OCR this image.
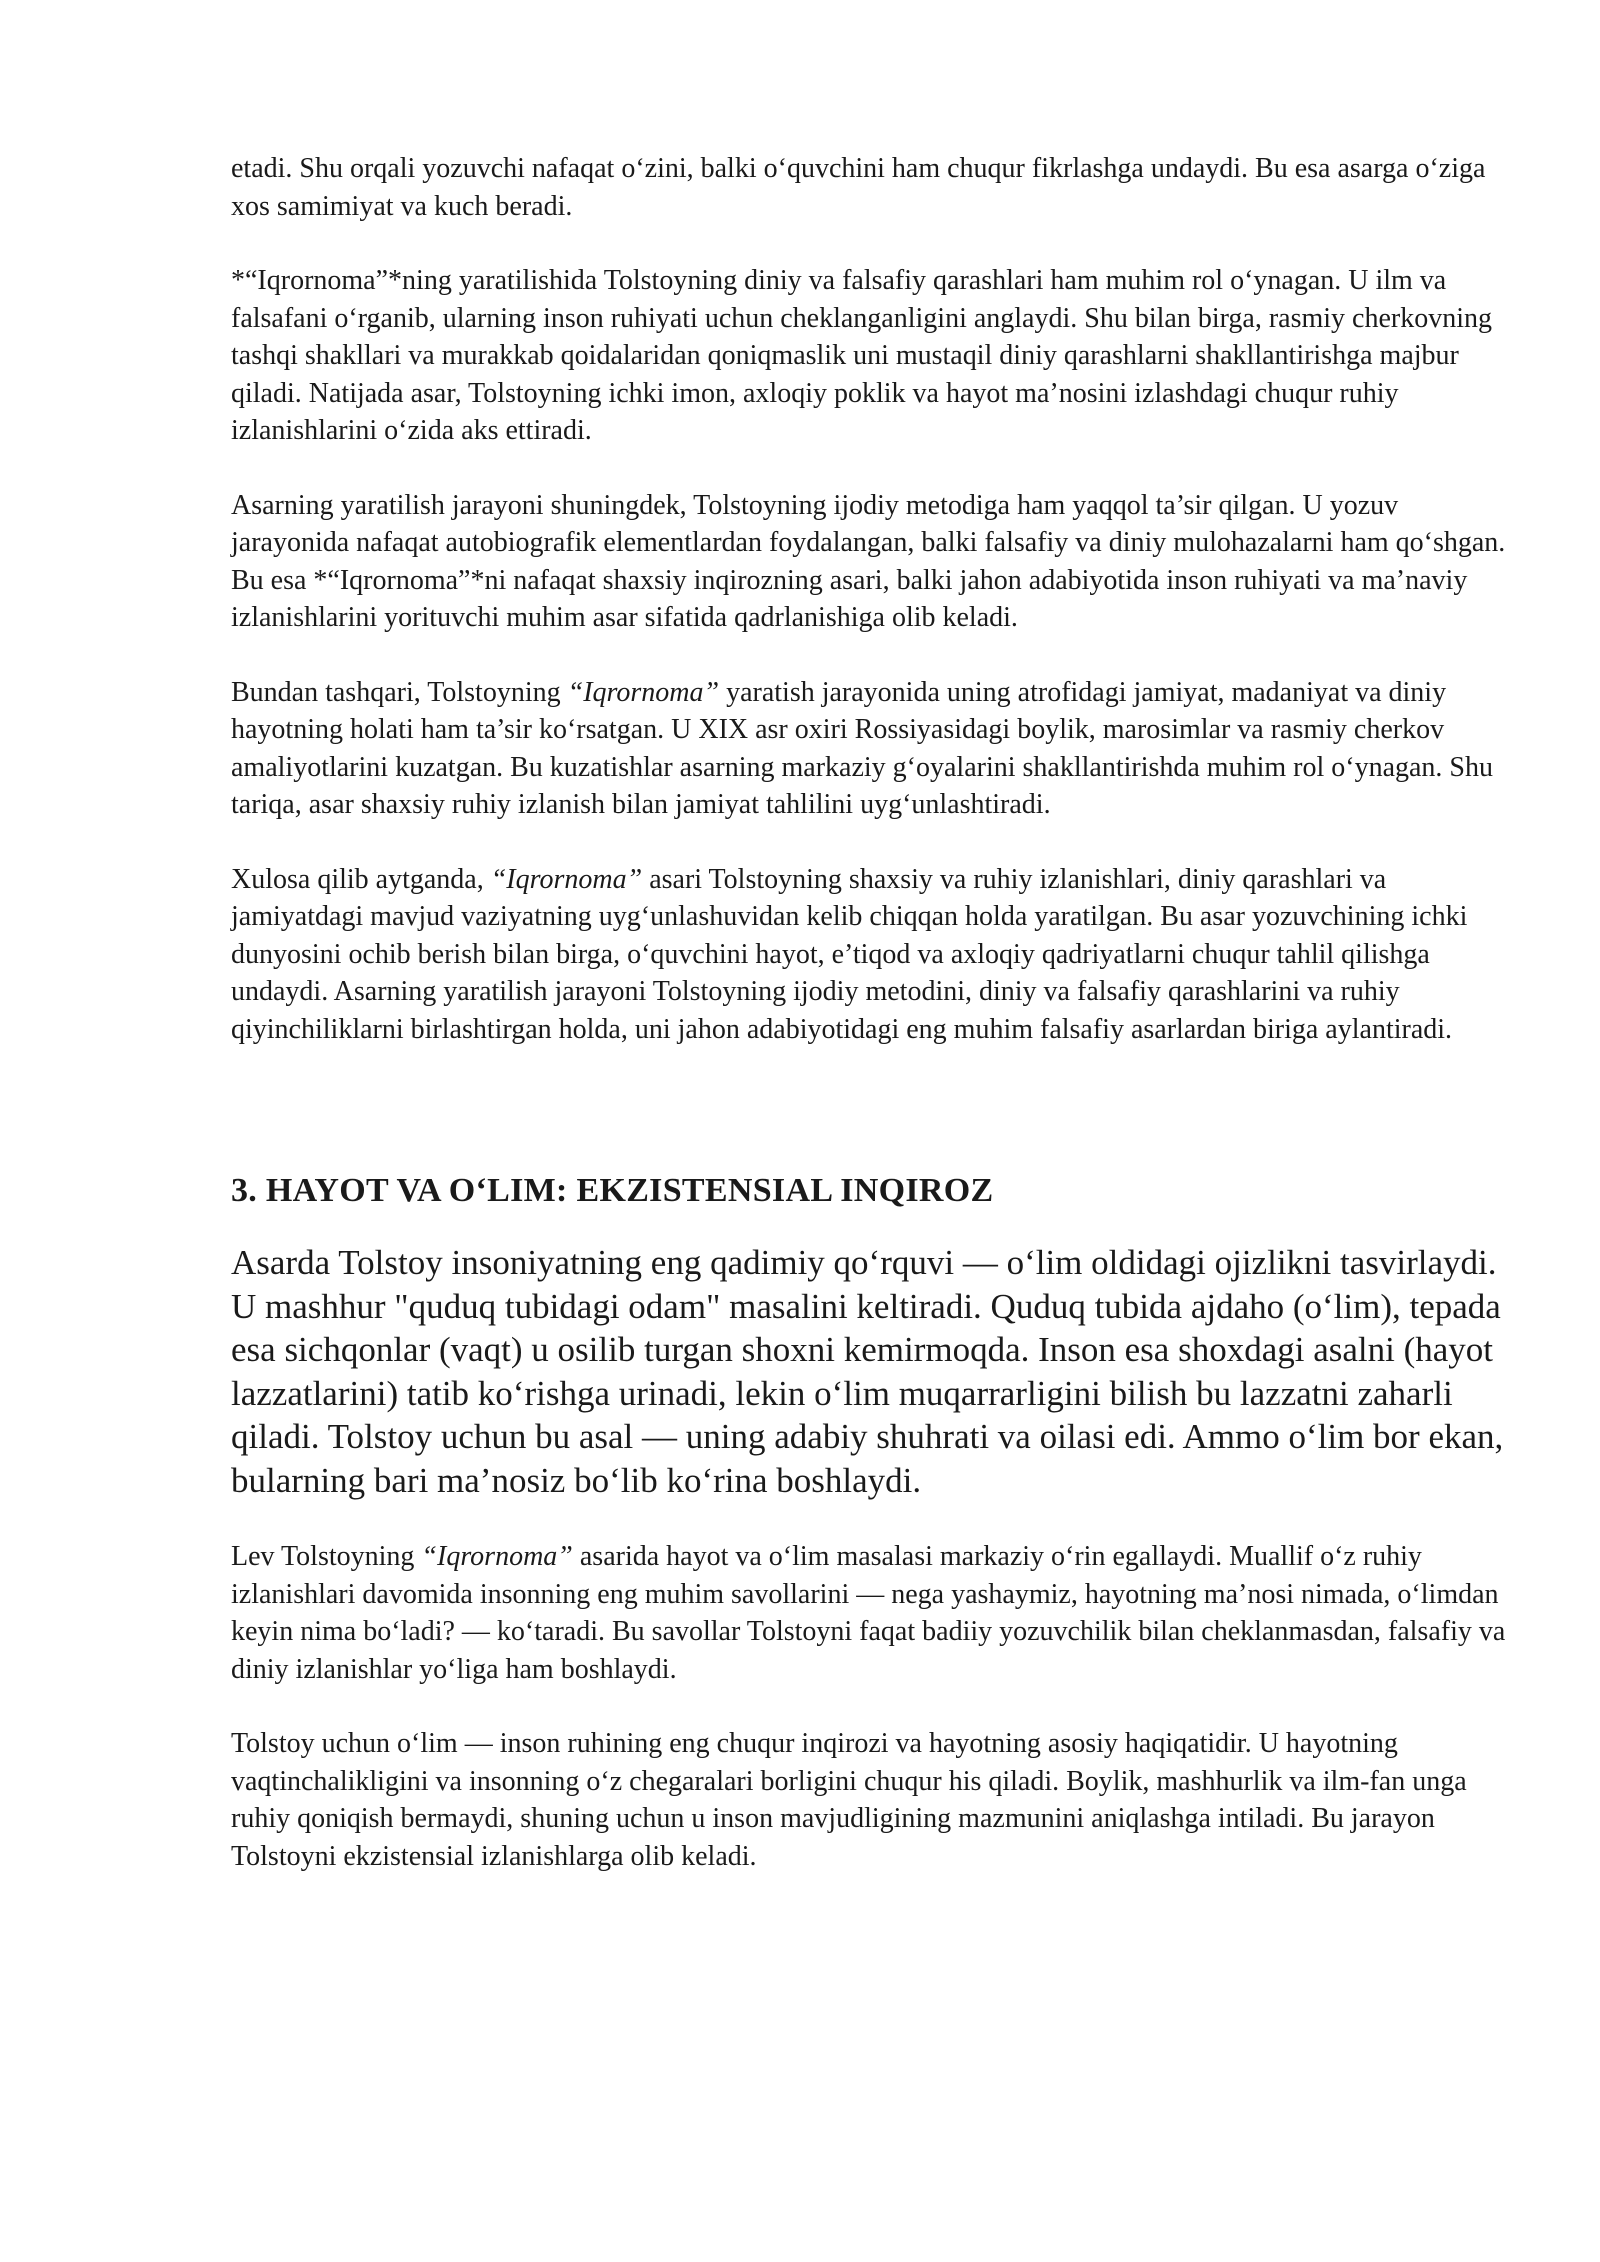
etadi. Shu orqali yozuvchi nafaqat o‘zini, balki o‘quvchini ham chuqur fikrlashga undaydi. Bu esa asarga o‘ziga xos samimiyat va kuch beradi.

*“Iqrornoma”*ning yaratilishida Tolstoyning diniy va falsafiy qarashlari ham muhim rol o‘ynagan. U ilm va falsafani o‘rganib, ularning inson ruhiyati uchun cheklanganligini anglaydi. Shu bilan birga, rasmiy cherkovning tashqi shakllari va murakkab qoidalaridan qoniqmaslik uni mustaqil diniy qarashlarni shakllantirishga majbur qiladi. Natijada asar, Tolstoyning ichki imon, axloqiy poklik va hayot ma’nosini izlashdagi chuqur ruhiy izlanishlarini o‘zida aks ettiradi.

Asarning yaratilish jarayoni shuningdek, Tolstoyning ijodiy metodiga ham yaqqol ta’sir qilgan. U yozuv jarayonida nafaqat autobiografik elementlardan foydalangan, balki falsafiy va diniy mulohazalarni ham qo‘shgan. Bu esa *“Iqrornoma”*ni nafaqat shaxsiy inqirozning asari, balki jahon adabiyotida inson ruhiyati va ma’naviy izlanishlarini yorituvchi muhim asar sifatida qadrlanishiga olib keladi.

Bundan tashqari, Tolstoyning “Iqrornoma” yaratish jarayonida uning atrofidagi jamiyat, madaniyat va diniy hayotning holati ham ta’sir ko‘rsatgan. U XIX asr oxiri Rossiyasidagi boylik, marosimlar va rasmiy cherkov amaliyotlarini kuzatgan. Bu kuzatishlar asarning markaziy g‘oyalarini shakllantirishda muhim rol o‘ynagan. Shu tariqa, asar shaxsiy ruhiy izlanish bilan jamiyat tahlilini uyg‘unlashtiradi.

Xulosa qilib aytganda, “Iqrornoma” asari Tolstoyning shaxsiy va ruhiy izlanishlari, diniy qarashlari va jamiyatdagi mavjud vaziyatning uyg‘unlashuvidan kelib chiqqan holda yaratilgan. Bu asar yozuvchining ichki dunyosini ochib berish bilan birga, o‘quvchini hayot, e’tiqod va axloqiy qadriyatlarni chuqur tahlil qilishga undaydi. Asarning yaratilish jarayoni Tolstoyning ijodiy metodini, diniy va falsafiy qarashlarini va ruhiy qiyinchiliklarni birlashtirgan holda, uni jahon adabiyotidagi eng muhim falsafiy asarlardan biriga aylantiradi.

3. HAYOT VA O‘LIM: EKZISTENSIAL INQIROZ

Asarda Tolstoy insoniyatning eng qadimiy qo‘rquvi — o‘lim oldidagi ojizlikni tasvirlaydi. U mashhur "quduq tubidagi odam" masalini keltiradi. Quduq tubida ajdaho (o‘lim), tepada esa sichqonlar (vaqt) u osilib turgan shoxni kemirmoqda. Inson esa shoxdagi asalni (hayot lazzatlarini) tatib ko‘rishga urinadi, lekin o‘lim muqarrarligini bilish bu lazzatni zaharli qiladi. Tolstoy uchun bu asal — uning adabiy shuhrati va oilasi edi. Ammo o‘lim bor ekan, bularning bari ma’nosiz bo‘lib ko‘rina boshlaydi.

Lev Tolstoyning “Iqrornoma” asarida hayot va o‘lim masalasi markaziy o‘rin egallaydi. Muallif o‘z ruhiy izlanishlari davomida insonning eng muhim savollarini — nega yashaymiz, hayotning ma’nosi nimada, o‘limdan keyin nima bo‘ladi? — ko‘taradi. Bu savollar Tolstoyni faqat badiiy yozuvchilik bilan cheklanmasdan, falsafiy va diniy izlanishlar yo‘liga ham boshlaydi.

Tolstoy uchun o‘lim — inson ruhining eng chuqur inqirozi va hayotning asosiy haqiqatidir. U hayotning vaqtinchalikligini va insonning o‘z chegaralari borligini chuqur his qiladi. Boylik, mashhurlik va ilm-fan unga ruhiy qoniqish bermaydi, shuning uchun u inson mavjudligining mazmunini aniqlashga intiladi. Bu jarayon Tolstoyni ekzistensial izlanishlarga olib keladi.
